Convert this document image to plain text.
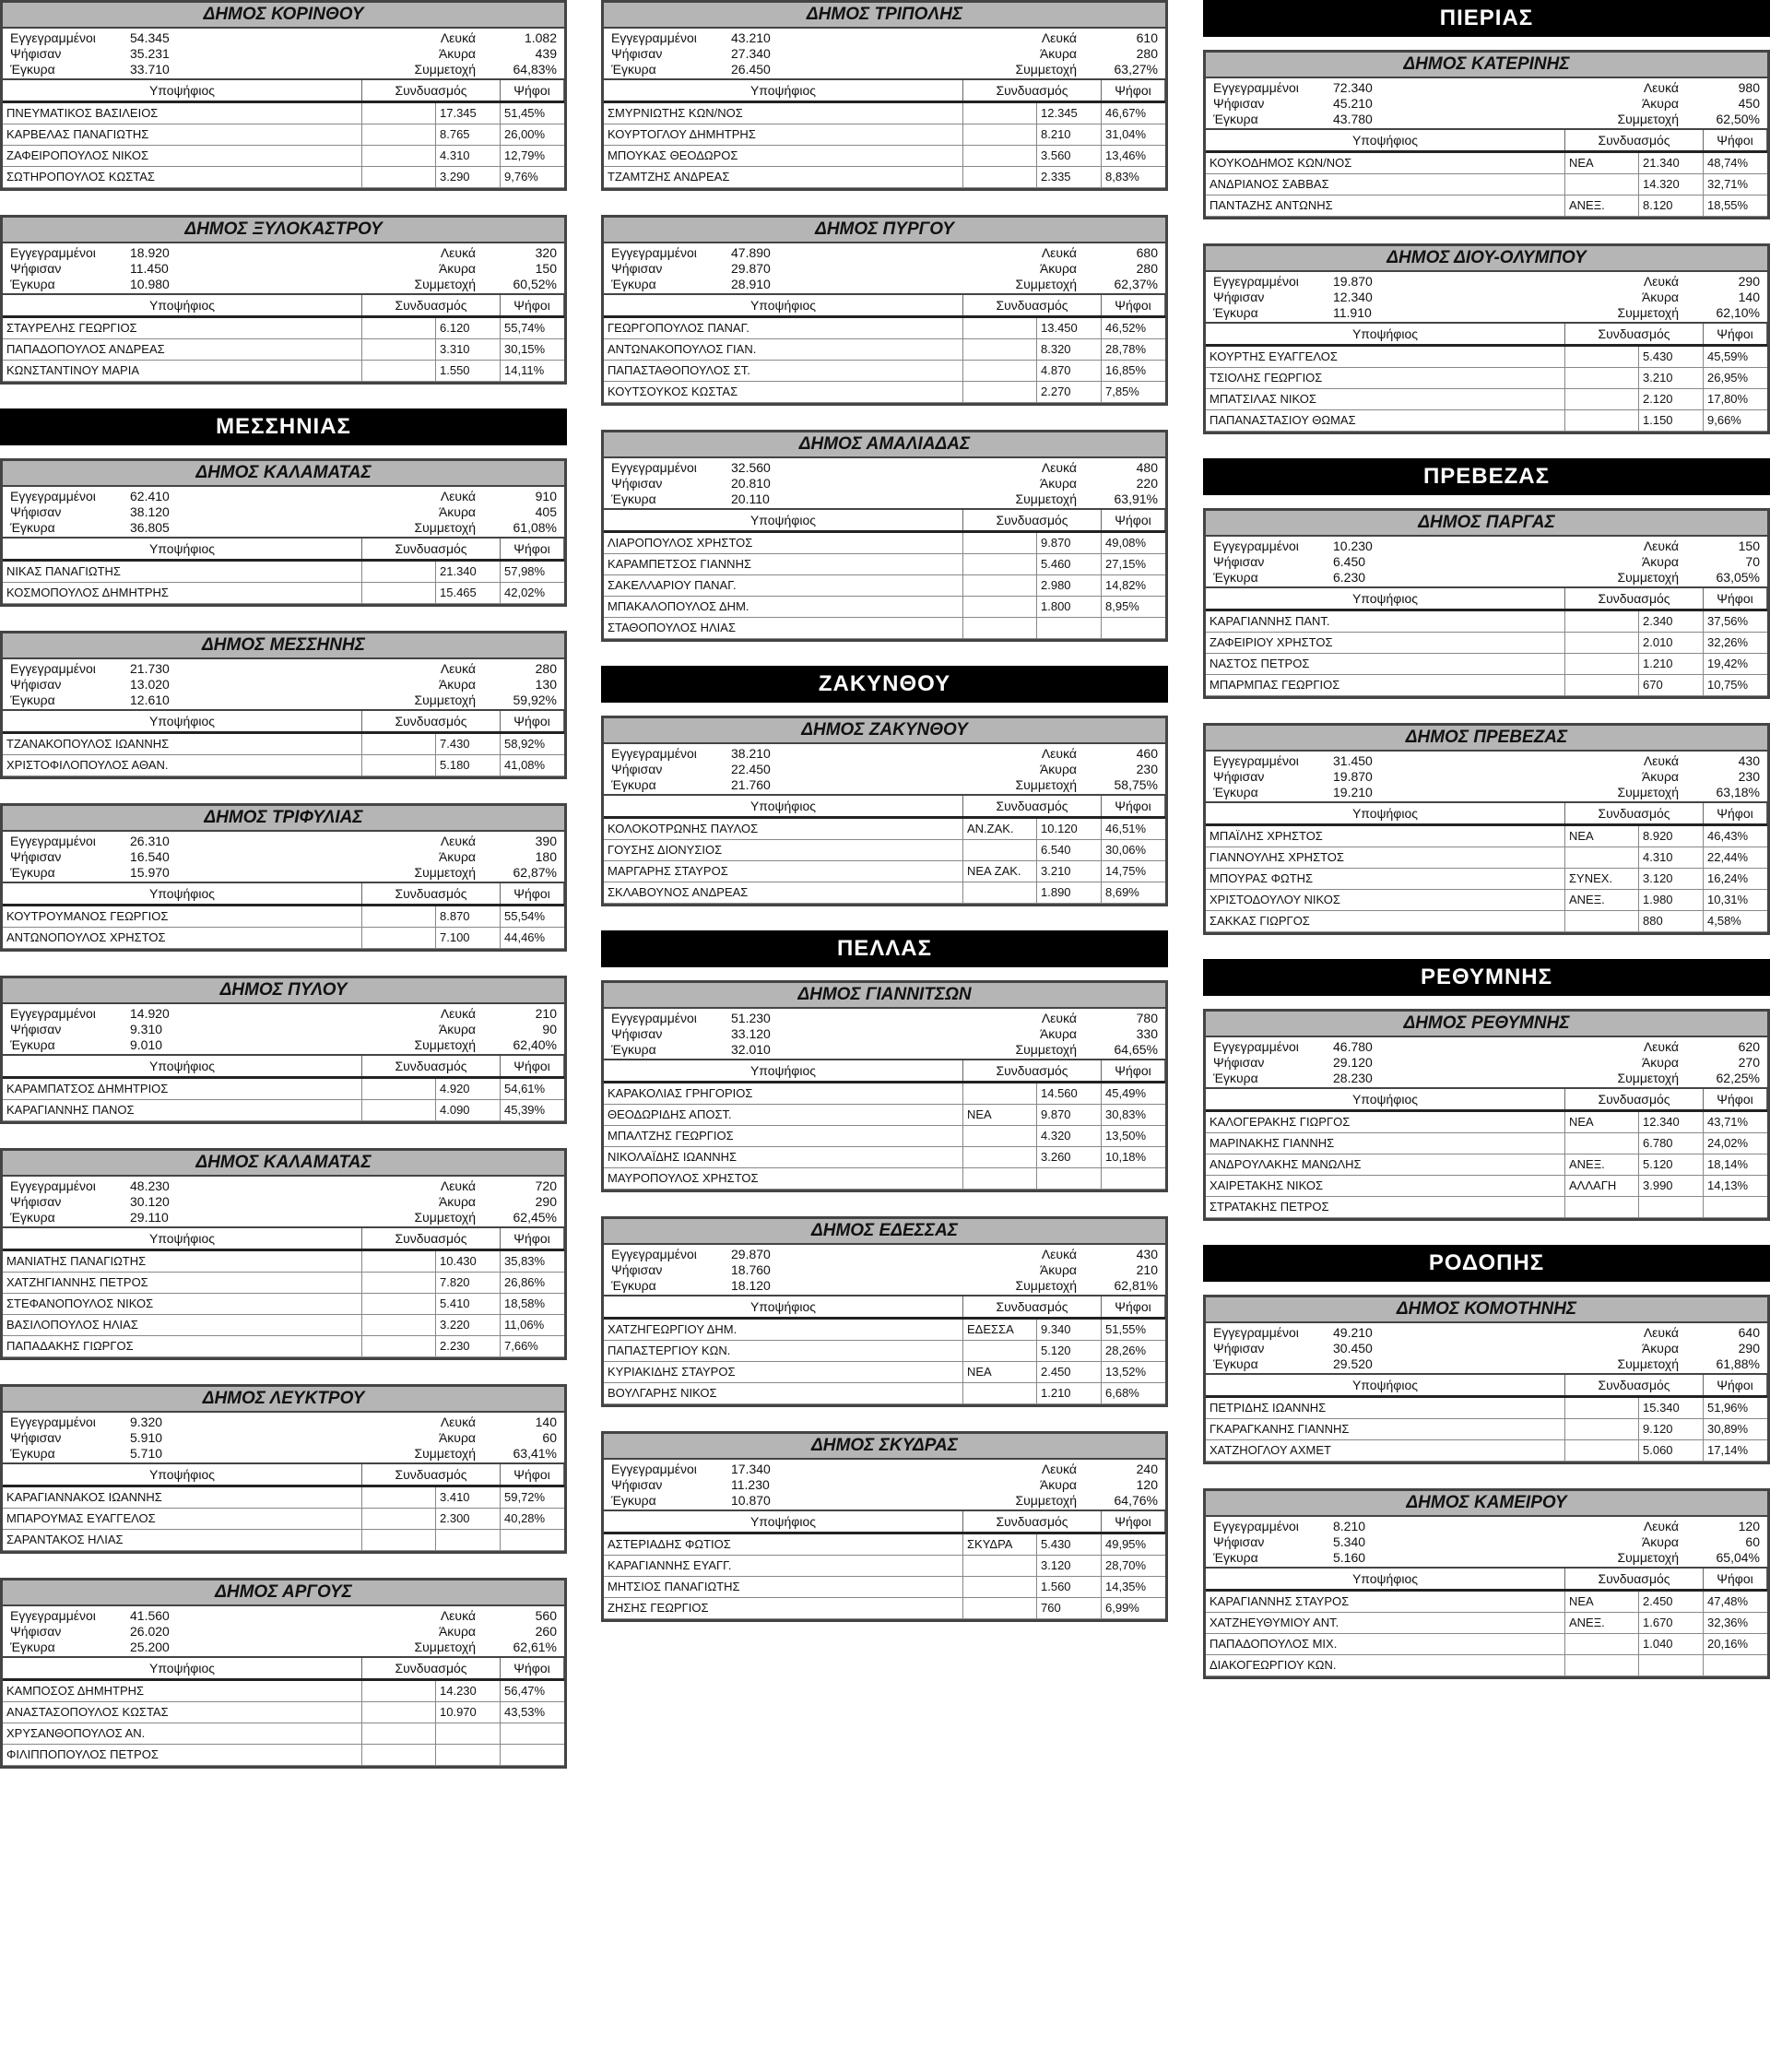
ΔΗΜΟΣ ΚΟΡΙΝΘΟΥ
Εγγεγραμμένοι	54.345	Λευκά	1.082
Ψήφισαν	35.231	Άκυρα	439
Έγκυρα	33.710	Συμμετοχή	64,83%
Υποψήφιος	Συνδυασμός	Ψήφοι
ΠΝΕΥΜΑΤΙΚΟΣ ΒΑΣΙΛΕΙΟΣ	17.345	51,45%
ΚΑΡΒΕΛΑΣ ΠΑΝΑΓΙΩΤΗΣ	8.765	26,00%
ΖΑΦΕΙΡΟΠΟΥΛΟΣ ΝΙΚΟΣ	4.310	12,79%
ΣΩΤΗΡΟΠΟΥΛΟΣ ΚΩΣΤΑΣ	3.290	9,76%
ΔΗΜΟΣ ΞΥΛΟΚΑΣΤΡΟΥ
Εγγεγραμμένοι	18.920	Λευκά	320
Ψήφισαν	11.450	Άκυρα	150
Έγκυρα	10.980	Συμμετοχή	60,52%
Υποψήφιος	Συνδυασμός	Ψήφοι
ΣΤΑΥΡΕΛΗΣ ΓΕΩΡΓΙΟΣ	6.120	55,74%
ΠΑΠΑΔΟΠΟΥΛΟΣ ΑΝΔΡΕΑΣ	3.310	30,15%
ΚΩΝΣΤΑΝΤΙΝΟΥ ΜΑΡΙΑ	1.550	14,11%
ΜΕΣΣΗΝΙΑΣ
ΔΗΜΟΣ ΚΑΛΑΜΑΤΑΣ
Εγγεγραμμένοι	62.410	Λευκά	910
Ψήφισαν	38.120	Άκυρα	405
Έγκυρα	36.805	Συμμετοχή	61,08%
Υποψήφιος	Συνδυασμός	Ψήφοι
ΝΙΚΑΣ ΠΑΝΑΓΙΩΤΗΣ	21.340	57,98%
ΚΟΣΜΟΠΟΥΛΟΣ ΔΗΜΗΤΡΗΣ	15.465	42,02%
ΔΗΜΟΣ ΜΕΣΣΗΝΗΣ
Εγγεγραμμένοι	21.730	Λευκά	280
Ψήφισαν	13.020	Άκυρα	130
Έγκυρα	12.610	Συμμετοχή	59,92%
Υποψήφιος	Συνδυασμός	Ψήφοι
ΤΖΑΝΑΚΟΠΟΥΛΟΣ ΙΩΑΝΝΗΣ	7.430	58,92%
ΧΡΙΣΤΟΦΙΛΟΠΟΥΛΟΣ ΑΘΑΝ.	5.180	41,08%
ΔΗΜΟΣ ΤΡΙΦΥΛΙΑΣ
Εγγεγραμμένοι	26.310	Λευκά	390
Ψήφισαν	16.540	Άκυρα	180
Έγκυρα	15.970	Συμμετοχή	62,87%
Υποψήφιος	Συνδυασμός	Ψήφοι
ΚΟΥΤΡΟΥΜΑΝΟΣ ΓΕΩΡΓΙΟΣ	8.870	55,54%
ΑΝΤΩΝΟΠΟΥΛΟΣ ΧΡΗΣΤΟΣ	7.100	44,46%
ΔΗΜΟΣ ΠΥΛΟΥ
Εγγεγραμμένοι	14.920	Λευκά	210
Ψήφισαν	9.310	Άκυρα	90
Έγκυρα	9.010	Συμμετοχή	62,40%
Υποψήφιος	Συνδυασμός	Ψήφοι
ΚΑΡΑΜΠΑΤΣΟΣ ΔΗΜΗΤΡΙΟΣ	4.920	54,61%
ΚΑΡΑΓΙΑΝΝΗΣ ΠΑΝΟΣ	4.090	45,39%
ΔΗΜΟΣ ΚΑΛΑΜΑΤΑΣ
Εγγεγραμμένοι	48.230	Λευκά	720
Ψήφισαν	30.120	Άκυρα	290
Έγκυρα	29.110	Συμμετοχή	62,45%
Υποψήφιος	Συνδυασμός	Ψήφοι
ΜΑΝΙΑΤΗΣ ΠΑΝΑΓΙΩΤΗΣ	10.430	35,83%
ΧΑΤΖΗΓΙΑΝΝΗΣ ΠΕΤΡΟΣ	7.820	26,86%
ΣΤΕΦΑΝΟΠΟΥΛΟΣ ΝΙΚΟΣ	5.410	18,58%
ΒΑΣΙΛΟΠΟΥΛΟΣ ΗΛΙΑΣ	3.220	11,06%
ΠΑΠΑΔΑΚΗΣ ΓΙΩΡΓΟΣ	2.230	7,66%
ΔΗΜΟΣ ΛΕΥΚΤΡΟΥ
Εγγεγραμμένοι	9.320	Λευκά	140
Ψήφισαν	5.910	Άκυρα	60
Έγκυρα	5.710	Συμμετοχή	63,41%
Υποψήφιος	Συνδυασμός	Ψήφοι
ΚΑΡΑΓΙΑΝΝΑΚΟΣ ΙΩΑΝΝΗΣ	3.410	59,72%
ΜΠΑΡΟΥΜΑΣ ΕΥΑΓΓΕΛΟΣ	2.300	40,28%
ΣΑΡΑΝΤΑΚΟΣ ΗΛΙΑΣ
ΔΗΜΟΣ ΑΡΓΟΥΣ
Εγγεγραμμένοι	41.560	Λευκά	560
Ψήφισαν	26.020	Άκυρα	260
Έγκυρα	25.200	Συμμετοχή	62,61%
Υποψήφιος	Συνδυασμός	Ψήφοι
ΚΑΜΠΟΣΟΣ ΔΗΜΗΤΡΗΣ	14.230	56,47%
ΑΝΑΣΤΑΣΟΠΟΥΛΟΣ ΚΩΣΤΑΣ	10.970	43,53%
ΧΡΥΣΑΝΘΟΠΟΥΛΟΣ ΑΝ.
ΦΙΛΙΠΠΟΠΟΥΛΟΣ ΠΕΤΡΟΣ
ΔΗΜΟΣ ΤΡΙΠΟΛΗΣ
Εγγεγραμμένοι	43.210	Λευκά	610
Ψήφισαν	27.340	Άκυρα	280
Έγκυρα	26.450	Συμμετοχή	63,27%
Υποψήφιος	Συνδυασμός	Ψήφοι
ΣΜΥΡΝΙΩΤΗΣ ΚΩΝ/ΝΟΣ	12.345	46,67%
ΚΟΥΡΤΟΓΛΟΥ ΔΗΜΗΤΡΗΣ	8.210	31,04%
ΜΠΟΥΚΑΣ ΘΕΟΔΩΡΟΣ	3.560	13,46%
ΤΖΑΜΤΖΗΣ ΑΝΔΡΕΑΣ	2.335	8,83%
ΔΗΜΟΣ ΠΥΡΓΟΥ
Εγγεγραμμένοι	47.890	Λευκά	680
Ψήφισαν	29.870	Άκυρα	280
Έγκυρα	28.910	Συμμετοχή	62,37%
Υποψήφιος	Συνδυασμός	Ψήφοι
ΓΕΩΡΓΟΠΟΥΛΟΣ ΠΑΝΑΓ.	13.450	46,52%
ΑΝΤΩΝΑΚΟΠΟΥΛΟΣ ΓΙΑΝ.	8.320	28,78%
ΠΑΠΑΣΤΑΘΟΠΟΥΛΟΣ ΣΤ.	4.870	16,85%
ΚΟΥΤΣΟΥΚΟΣ ΚΩΣΤΑΣ	2.270	7,85%
ΔΗΜΟΣ ΑΜΑΛΙΑΔΑΣ
Εγγεγραμμένοι	32.560	Λευκά	480
Ψήφισαν	20.810	Άκυρα	220
Έγκυρα	20.110	Συμμετοχή	63,91%
Υποψήφιος	Συνδυασμός	Ψήφοι
ΛΙΑΡΟΠΟΥΛΟΣ ΧΡΗΣΤΟΣ	9.870	49,08%
ΚΑΡΑΜΠΕΤΣΟΣ ΓΙΑΝΝΗΣ	5.460	27,15%
ΣΑΚΕΛΛΑΡΙΟΥ ΠΑΝΑΓ.	2.980	14,82%
ΜΠΑΚΑΛΟΠΟΥΛΟΣ ΔΗΜ.	1.800	8,95%
ΣΤΑΘΟΠΟΥΛΟΣ ΗΛΙΑΣ
ΖΑΚΥΝΘΟΥ
ΔΗΜΟΣ ΖΑΚΥΝΘΟΥ
Εγγεγραμμένοι	38.210	Λευκά	460
Ψήφισαν	22.450	Άκυρα	230
Έγκυρα	21.760	Συμμετοχή	58,75%
Υποψήφιος	Συνδυασμός	Ψήφοι
ΚΟΛΟΚΟΤΡΩΝΗΣ ΠΑΥΛΟΣ	ΑΝ.ΖΑΚ.	10.120	46,51%
ΓΟΥΣΗΣ ΔΙΟΝΥΣΙΟΣ	6.540	30,06%
ΜΑΡΓΑΡΗΣ ΣΤΑΥΡΟΣ	ΝΕΑ ΖΑΚ.	3.210	14,75%
ΣΚΛΑΒΟΥΝΟΣ ΑΝΔΡΕΑΣ	1.890	8,69%
ΠΕΛΛΑΣ
ΔΗΜΟΣ ΓΙΑΝΝΙΤΣΩΝ
Εγγεγραμμένοι	51.230	Λευκά	780
Ψήφισαν	33.120	Άκυρα	330
Έγκυρα	32.010	Συμμετοχή	64,65%
Υποψήφιος	Συνδυασμός	Ψήφοι
ΚΑΡΑΚΟΛΙΑΣ ΓΡΗΓΟΡΙΟΣ	14.560	45,49%
ΘΕΟΔΩΡΙΔΗΣ ΑΠΟΣΤ.	ΝΕΑ	9.870	30,83%
ΜΠΑΛΤΖΗΣ ΓΕΩΡΓΙΟΣ	4.320	13,50%
ΝΙΚΟΛΑΪΔΗΣ ΙΩΑΝΝΗΣ	3.260	10,18%
ΜΑΥΡΟΠΟΥΛΟΣ ΧΡΗΣΤΟΣ
ΔΗΜΟΣ ΕΔΕΣΣΑΣ
Εγγεγραμμένοι	29.870	Λευκά	430
Ψήφισαν	18.760	Άκυρα	210
Έγκυρα	18.120	Συμμετοχή	62,81%
Υποψήφιος	Συνδυασμός	Ψήφοι
ΧΑΤΖΗΓΕΩΡΓΙΟΥ ΔΗΜ.	ΕΔΕΣΣΑ	9.340	51,55%
ΠΑΠΑΣΤΕΡΓΙΟΥ ΚΩΝ.	5.120	28,26%
ΚΥΡΙΑΚΙΔΗΣ ΣΤΑΥΡΟΣ	ΝΕΑ	2.450	13,52%
ΒΟΥΛΓΑΡΗΣ ΝΙΚΟΣ	1.210	6,68%
ΔΗΜΟΣ ΣΚΥΔΡΑΣ
Εγγεγραμμένοι	17.340	Λευκά	240
Ψήφισαν	11.230	Άκυρα	120
Έγκυρα	10.870	Συμμετοχή	64,76%
Υποψήφιος	Συνδυασμός	Ψήφοι
ΑΣΤΕΡΙΑΔΗΣ ΦΩΤΙΟΣ	ΣΚΥΔΡΑ	5.430	49,95%
ΚΑΡΑΓΙΑΝΝΗΣ ΕΥΑΓΓ.	3.120	28,70%
ΜΗΤΣΙΟΣ ΠΑΝΑΓΙΩΤΗΣ	1.560	14,35%
ΖΗΣΗΣ ΓΕΩΡΓΙΟΣ	760	6,99%
ΠΙΕΡΙΑΣ
ΔΗΜΟΣ ΚΑΤΕΡΙΝΗΣ
Εγγεγραμμένοι	72.340	Λευκά	980
Ψήφισαν	45.210	Άκυρα	450
Έγκυρα	43.780	Συμμετοχή	62,50%
Υποψήφιος	Συνδυασμός	Ψήφοι
ΚΟΥΚΟΔΗΜΟΣ ΚΩΝ/ΝΟΣ	ΝΕΑ	21.340	48,74%
ΑΝΔΡΙΑΝΟΣ ΣΑΒΒΑΣ	14.320	32,71%
ΠΑΝΤΑΖΗΣ ΑΝΤΩΝΗΣ	ΑΝΕΞ.	8.120	18,55%
ΔΗΜΟΣ ΔΙΟΥ-ΟΛΥΜΠΟΥ
Εγγεγραμμένοι	19.870	Λευκά	290
Ψήφισαν	12.340	Άκυρα	140
Έγκυρα	11.910	Συμμετοχή	62,10%
Υποψήφιος	Συνδυασμός	Ψήφοι
ΚΟΥΡΤΗΣ ΕΥΑΓΓΕΛΟΣ	5.430	45,59%
ΤΣΙΟΛΗΣ ΓΕΩΡΓΙΟΣ	3.210	26,95%
ΜΠΑΤΣΙΛΑΣ ΝΙΚΟΣ	2.120	17,80%
ΠΑΠΑΝΑΣΤΑΣΙΟΥ ΘΩΜΑΣ	1.150	9,66%
ΠΡΕΒΕΖΑΣ
ΔΗΜΟΣ ΠΑΡΓΑΣ
Εγγεγραμμένοι	10.230	Λευκά	150
Ψήφισαν	6.450	Άκυρα	70
Έγκυρα	6.230	Συμμετοχή	63,05%
Υποψήφιος	Συνδυασμός	Ψήφοι
ΚΑΡΑΓΙΑΝΝΗΣ ΠΑΝΤ.	2.340	37,56%
ΖΑΦΕΙΡΙΟΥ ΧΡΗΣΤΟΣ	2.010	32,26%
ΝΑΣΤΟΣ ΠΕΤΡΟΣ	1.210	19,42%
ΜΠΑΡΜΠΑΣ ΓΕΩΡΓΙΟΣ	670	10,75%
ΔΗΜΟΣ ΠΡΕΒΕΖΑΣ
Εγγεγραμμένοι	31.450	Λευκά	430
Ψήφισαν	19.870	Άκυρα	230
Έγκυρα	19.210	Συμμετοχή	63,18%
Υποψήφιος	Συνδυασμός	Ψήφοι
ΜΠΑΪΛΗΣ ΧΡΗΣΤΟΣ	ΝΕΑ	8.920	46,43%
ΓΙΑΝΝΟΥΛΗΣ ΧΡΗΣΤΟΣ	4.310	22,44%
ΜΠΟΥΡΑΣ ΦΩΤΗΣ	ΣΥΝΕΧ.	3.120	16,24%
ΧΡΙΣΤΟΔΟΥΛΟΥ ΝΙΚΟΣ	ΑΝΕΞ.	1.980	10,31%
ΣΑΚΚΑΣ ΓΙΩΡΓΟΣ	880	4,58%
ΡΕΘΥΜΝΗΣ
ΔΗΜΟΣ ΡΕΘΥΜΝΗΣ
Εγγεγραμμένοι	46.780	Λευκά	620
Ψήφισαν	29.120	Άκυρα	270
Έγκυρα	28.230	Συμμετοχή	62,25%
Υποψήφιος	Συνδυασμός	Ψήφοι
ΚΑΛΟΓΕΡΑΚΗΣ ΓΙΩΡΓΟΣ	ΝΕΑ	12.340	43,71%
ΜΑΡΙΝΑΚΗΣ ΓΙΑΝΝΗΣ	6.780	24,02%
ΑΝΔΡΟΥΛΑΚΗΣ ΜΑΝΩΛΗΣ	ΑΝΕΞ.	5.120	18,14%
ΧΑΙΡΕΤΑΚΗΣ ΝΙΚΟΣ	ΑΛΛΑΓΗ	3.990	14,13%
ΣΤΡΑΤΑΚΗΣ ΠΕΤΡΟΣ
ΡΟΔΟΠΗΣ
ΔΗΜΟΣ ΚΟΜΟΤΗΝΗΣ
Εγγεγραμμένοι	49.210	Λευκά	640
Ψήφισαν	30.450	Άκυρα	290
Έγκυρα	29.520	Συμμετοχή	61,88%
Υποψήφιος	Συνδυασμός	Ψήφοι
ΠΕΤΡΙΔΗΣ ΙΩΑΝΝΗΣ	15.340	51,96%
ΓΚΑΡΑΓΚΑΝΗΣ ΓΙΑΝΝΗΣ	9.120	30,89%
ΧΑΤΖΗΟΓΛΟΥ ΑΧΜΕΤ	5.060	17,14%
ΔΗΜΟΣ ΚΑΜΕΙΡΟΥ
Εγγεγραμμένοι	8.210	Λευκά	120
Ψήφισαν	5.340	Άκυρα	60
Έγκυρα	5.160	Συμμετοχή	65,04%
Υποψήφιος	Συνδυασμός	Ψήφοι
ΚΑΡΑΓΙΑΝΝΗΣ ΣΤΑΥΡΟΣ	ΝΕΑ	2.450	47,48%
ΧΑΤΖΗΕΥΘΥΜΙΟΥ ΑΝΤ.	ΑΝΕΞ.	1.670	32,36%
ΠΑΠΑΔΟΠΟΥΛΟΣ ΜΙΧ.	1.040	20,16%
ΔΙΑΚΟΓΕΩΡΓΙΟΥ ΚΩΝ.
